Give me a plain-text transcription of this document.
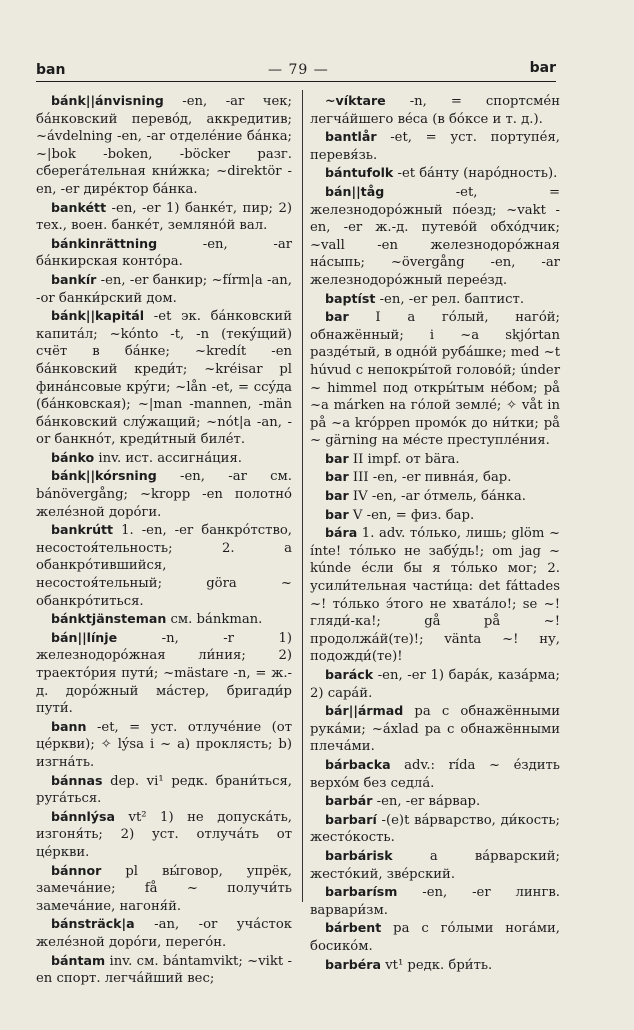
ban	— 79 —	bar

bánk||ánvisning -en, -ar чек; бáнковский перевóд, аккредитив; ~ávdelning -en, -ar отделéние бáнка; ~|bok -boken, -böcker разг. сберегáтельная кни́жка; ~direktör -en, -er дирéктор бáнка.

bankétt -en, -er 1) банкéт, пир; 2) тех., воен. банкéт, земляно́й вал.

bánkinrättning -en, -ar бáнкирская контóра.

bankír -en, -er банкир; ~fírm|a -an, -or банки́рский дом.

bánk||kapitál -et эк. бáнковский капитáл; ~kónto -t, -n (текýщий) счёт в бáнке; ~kredít -en бáнковский креди́т; ~kréisar pl финáнсовые крýги; ~lån -et, = ссýда (бáнковская); ~|man -mannen, -män бáнковский слýжащий; ~nót|a -an, -or банкнóт, креди́тный билéт.

bánko inv. ист. ассигнáция.

bánk||kórsning -en, -ar см. bánövergång; ~kropp -en полотнó желéзной дорóги.

bankrútt 1. -en, -er банкрóтство, несостоя́тельность; 2. a обанкрóтившийся, несостоя́тельный; göra ~ обанкрóтиться.

bánktjänsteman см. bánkman.

bán||línje -n, -r 1) железнодорóжная ли́ния; 2) траектóрия пути́; ~mästare -n, = ж.-д. дорóжный мáстер, бригади́р пути́.

bann -et, = уст. отлучéние (от цéркви); ✧ lýsa i ~ а) проклясть; b) изгнáть.

bánnas dep. vi¹ редк. брани́ться, ругáться.

bánnlýsa vt² 1) не допускáть, изгоня́ть; 2) уст. отлучáть от цéркви.

bánnor pl вы́говор, упрёк, замечáние; få ~ получи́ть замечáние, нагоня́й.

bánsträck|a -an, -or учáсток желéзной дорóги, перегóн.

bántam inv. см. bántamvikt; ~vikt -en спорт. легчáйший вес;

~víktare -n, = спортсмéн легчáйшего вéса (в бóксе и т. д.).

bantlår -et, = уст. портупéя, перевя́зь.

bántufolk -et бáнту (нарóдность).

bán||tåg -et, = железнодорóжный пóезд; ~vakt -en, -er ж.-д. путевóй обхóдчик; ~vall -en железнодорóжная нáсыпь; ~övergång -en, -ar железнодорóжный переéзд.

baptíst -en, -er рел. баптист.

bar I a гóлый, нагóй; обнажённый; i ~a skjórtan раздéтый, в однóй рубáшке; med ~t húvud с непокры́той головóй; únder ~ himmel под откры́тым нéбом; på ~a márken на гóлой землé; ✧ våt in på ~a króppen промóк до ни́тки; på ~ gärning на мéсте преступлéния.

bar II impf. от bära.

bar III -en, -er пивнáя, бар.

bar IV -en, -ar óтмель, бáнка.

bar V -en, = физ. бар.

bára 1. adv. тóлько, лишь; glöm ~ ínte! тóлько не забýдь!; om jag ~ kúnde éсли бы я тóлько мог; 2. усили́тельная части́ца: det fáttades ~! тóлько э́того не хватáло!; se ~! гляди́-ка!; gå på ~! продолжáй(те)!; vänta ~! ну, подожди́(те)!

baráck -en, -er 1) барáк, казáрма; 2) сарáй.

bár||ármad pa с обнажёнными рукáми; ~áxlad pa с обнажёнными плечáми.

bárbacka adv.: rída ~ éздить верхóм без седлá.

barbár -en, -er вáрвар.

barbarí -(e)t вáрварство, ди́кость; жестóкость.

barbárisk a вáрварский; жестóкий, звéрский.

barbarísm -en, -er лингв. варвари́зм.

bárbent pa с гóлыми ногáми, босикóм.

barbéra vt¹ редк. бри́ть.
